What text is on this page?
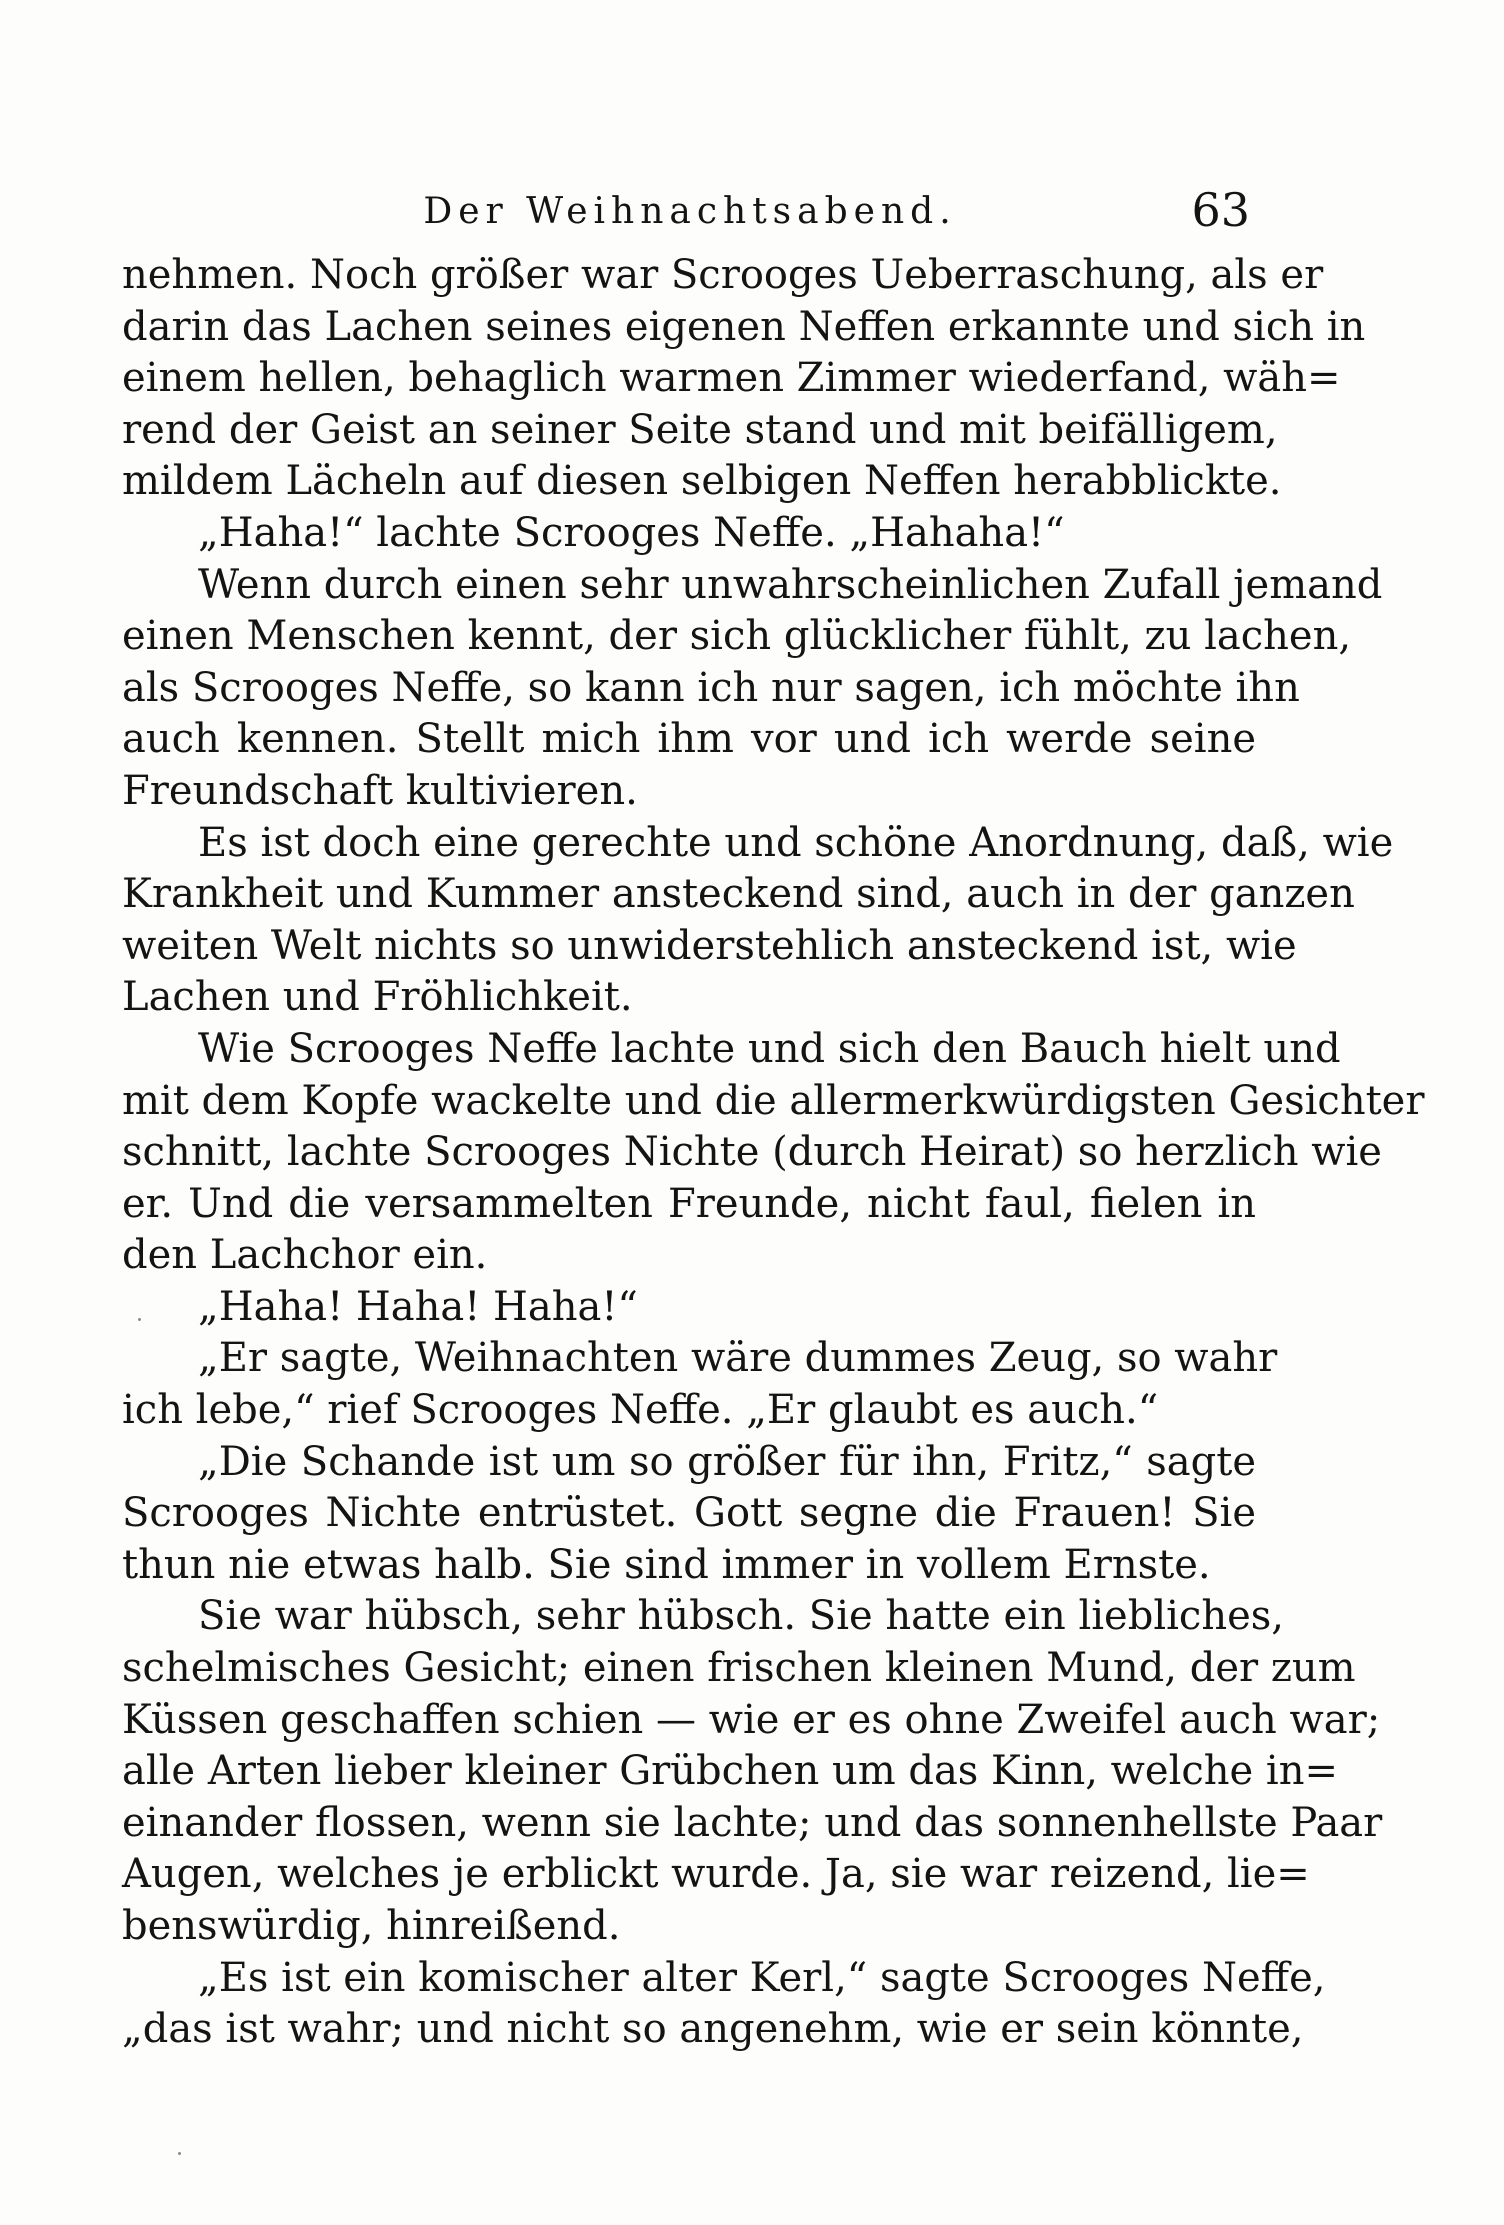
Der Weihnachtsabend.	63
nehmen. Noch größer war Scrooges Ueberraschung, als er
darin das Lachen seines eigenen Neffen erkannte und sich in
einem hellen, behaglich warmen Zimmer wiederfand, wäh=
rend der Geist an seiner Seite stand und mit beifälligem,
mildem Lächeln auf diesen selbigen Neffen herabblickte.
„Haha!“ lachte Scrooges Neffe. „Hahaha!“
Wenn durch einen sehr unwahrscheinlichen Zufall jemand
einen Menschen kennt, der sich glücklicher fühlt, zu lachen,
als Scrooges Neffe, so kann ich nur sagen, ich möchte ihn
auch kennen. Stellt mich ihm vor und ich werde seine
Freundschaft kultivieren.
Es ist doch eine gerechte und schöne Anordnung, daß, wie
Krankheit und Kummer ansteckend sind, auch in der ganzen
weiten Welt nichts so unwiderstehlich ansteckend ist, wie
Lachen und Fröhlichkeit.
Wie Scrooges Neffe lachte und sich den Bauch hielt und
mit dem Kopfe wackelte und die allermerkwürdigsten Gesichter
schnitt, lachte Scrooges Nichte (durch Heirat) so herzlich wie
er. Und die versammelten Freunde, nicht faul, fielen in
den Lachchor ein.
„Haha! Haha! Haha!“
„Er sagte, Weihnachten wäre dummes Zeug, so wahr
ich lebe,“ rief Scrooges Neffe. „Er glaubt es auch.“
„Die Schande ist um so größer für ihn, Fritz,“ sagte
Scrooges Nichte entrüstet. Gott segne die Frauen! Sie
thun nie etwas halb. Sie sind immer in vollem Ernste.
Sie war hübsch, sehr hübsch. Sie hatte ein liebliches,
schelmisches Gesicht; einen frischen kleinen Mund, der zum
Küssen geschaffen schien — wie er es ohne Zweifel auch war;
alle Arten lieber kleiner Grübchen um das Kinn, welche in=
einander flossen, wenn sie lachte; und das sonnenhellste Paar
Augen, welches je erblickt wurde. Ja, sie war reizend, lie=
benswürdig, hinreißend.
„Es ist ein komischer alter Kerl,“ sagte Scrooges Neffe,
„das ist wahr; und nicht so angenehm, wie er sein könnte,
